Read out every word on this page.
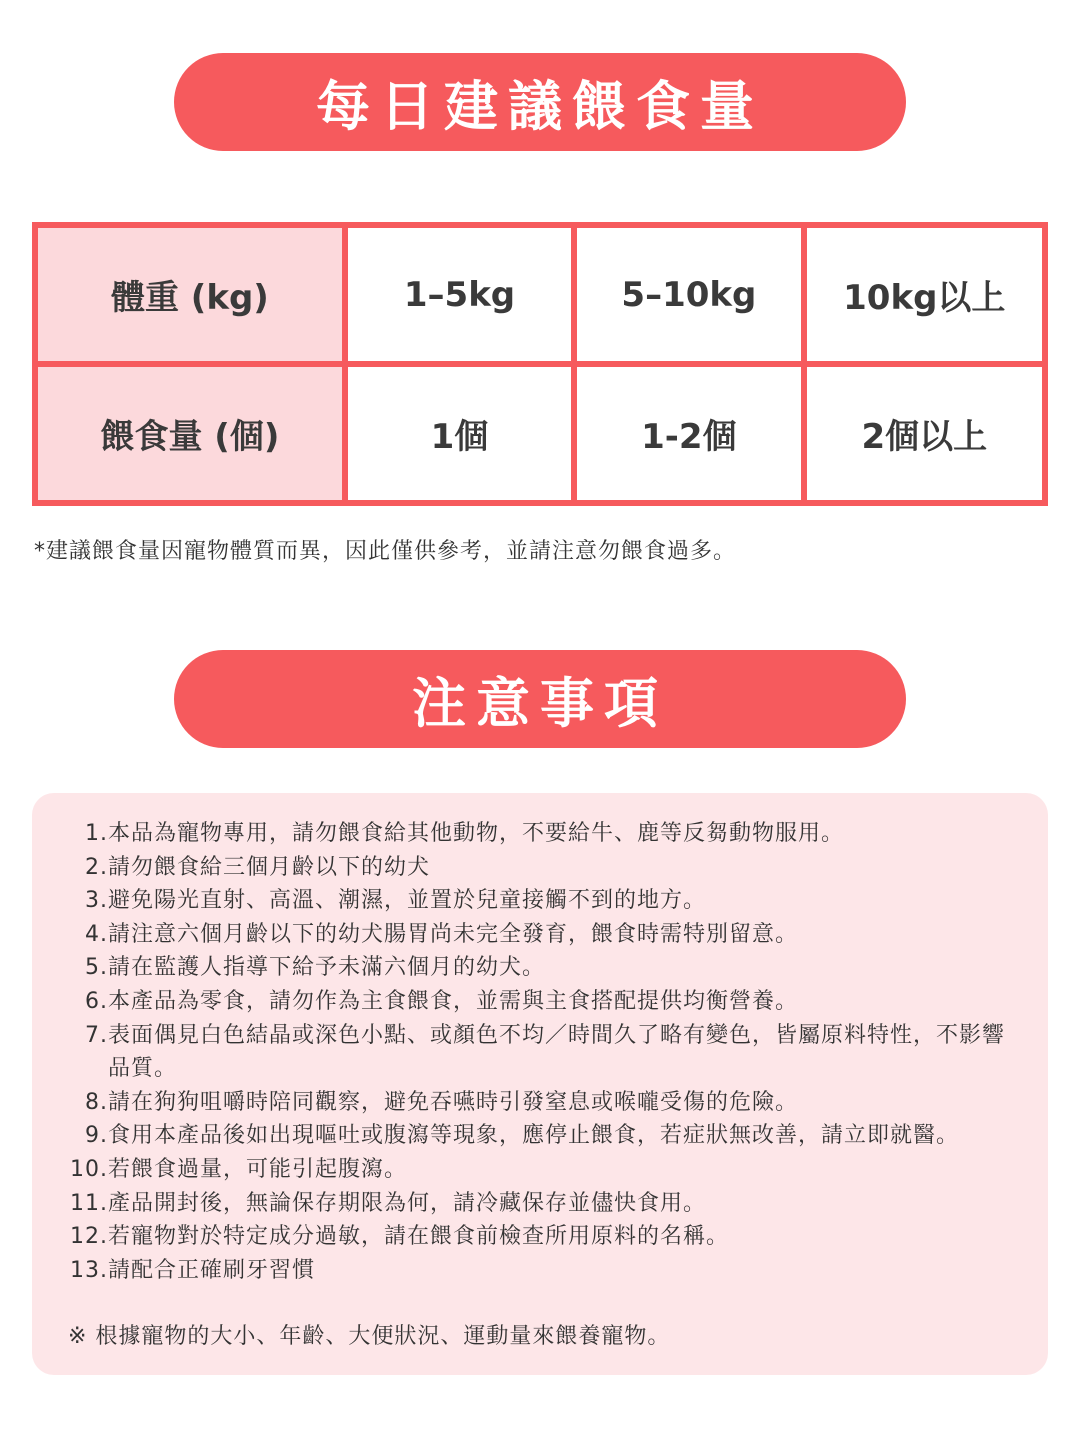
每日建議餵食量
體重 (kg)	1–5kg	5–10kg	10kg以上
餵食量 (個)	1個	1-2個	2個以上
*建議餵食量因寵物體質而異，因此僅供參考，並請注意勿餵食過多。
注意事項
1. 本品為寵物專用，請勿餵食給其他動物，不要給牛、鹿等反芻動物服用。
2. 請勿餵食給三個月齡以下的幼犬
3. 避免陽光直射、高溫、潮濕，並置於兒童接觸不到的地方。
4. 請注意六個月齡以下的幼犬腸胃尚未完全發育，餵食時需特別留意。
5. 請在監護人指導下給予未滿六個月的幼犬。
6. 本產品為零食，請勿作為主食餵食，並需與主食搭配提供均衡營養。
7. 表面偶見白色結晶或深色小點、或顏色不均／時間久了略有變色，皆屬原料特性，不影響品質。
8. 請在狗狗咀嚼時陪同觀察，避免吞嚥時引發窒息或喉嚨受傷的危險。
9. 食用本產品後如出現嘔吐或腹瀉等現象，應停止餵食，若症狀無改善，請立即就醫。
10. 若餵食過量，可能引起腹瀉。
11. 產品開封後，無論保存期限為何，請冷藏保存並儘快食用。
12. 若寵物對於特定成分過敏，請在餵食前檢查所用原料的名稱。
13. 請配合正確刷牙習慣
※ 根據寵物的大小、年齡、大便狀況、運動量來餵養寵物。
